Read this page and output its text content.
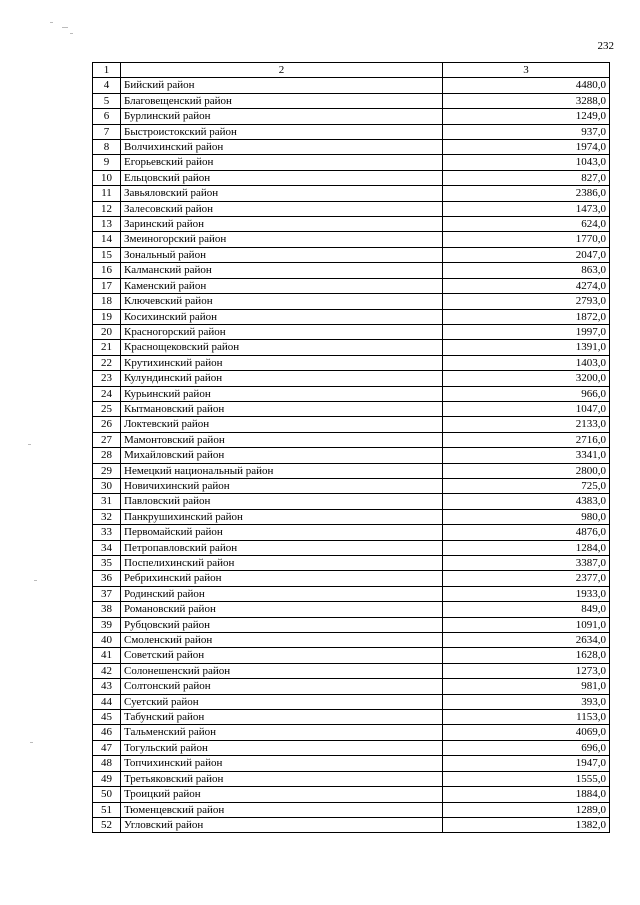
232
1	2	3
4	Бийский район	4480,0
5	Благовещенский район	3288,0
6	Бурлинский район	1249,0
7	Быстроистокский район	937,0
8	Волчихинский район	1974,0
9	Егорьевский район	1043,0
10	Ельцовский район	827,0
11	Завьяловский район	2386,0
12	Залесовский район	1473,0
13	Заринский район	624,0
14	Змеиногорский район	1770,0
15	Зональный район	2047,0
16	Калманский район	863,0
17	Каменский район	4274,0
18	Ключевский район	2793,0
19	Косихинский район	1872,0
20	Красногорский район	1997,0
21	Краснощековский район	1391,0
22	Крутихинский район	1403,0
23	Кулундинский район	3200,0
24	Курьинский район	966,0
25	Кытмановский район	1047,0
26	Локтевский район	2133,0
27	Мамонтовский район	2716,0
28	Михайловский район	3341,0
29	Немецкий национальный район	2800,0
30	Новичихинский район	725,0
31	Павловский район	4383,0
32	Панкрушихинский район	980,0
33	Первомайский район	4876,0
34	Петропавловский район	1284,0
35	Поспелихинский район	3387,0
36	Ребрихинский район	2377,0
37	Родинский район	1933,0
38	Романовский район	849,0
39	Рубцовский район	1091,0
40	Смоленский район	2634,0
41	Советский район	1628,0
42	Солонешенский район	1273,0
43	Солтонский район	981,0
44	Суетский район	393,0
45	Табунский район	1153,0
46	Тальменский район	4069,0
47	Тогульский район	696,0
48	Топчихинский район	1947,0
49	Третьяковский район	1555,0
50	Троицкий район	1884,0
51	Тюменцевский район	1289,0
52	Угловский район	1382,0
